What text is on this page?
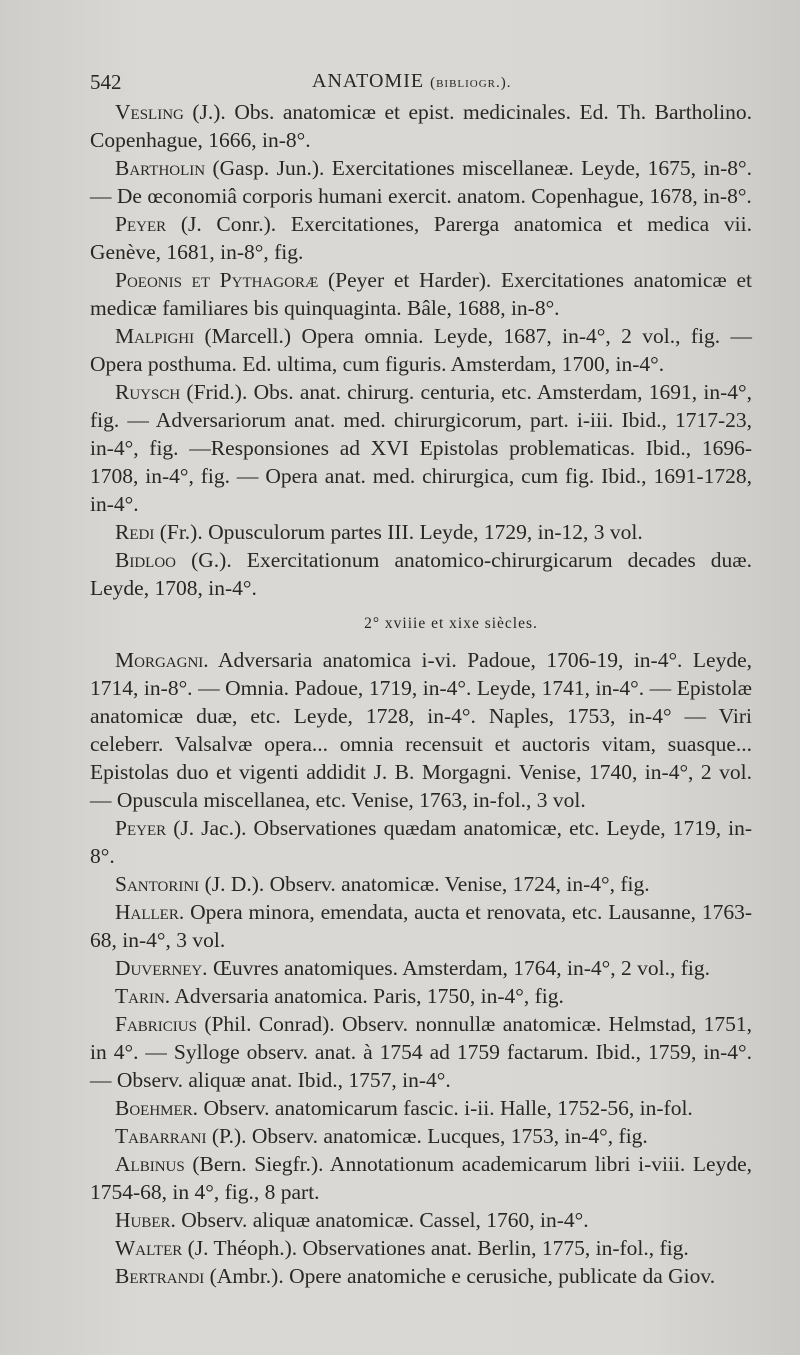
542	ANATOMIE (bibliogr.).

Vesling (J.). Obs. anatomicæ et epist. medicinales. Ed. Th. Bartholino. Copenhague, 1666, in-8°.

Bartholin (Gasp. Jun.). Exercitationes miscellaneæ. Leyde, 1675, in-8°. — De œconomiâ corporis humani exercit. anatom. Copenhague, 1678, in-8°.

Peyer (J. Conr.). Exercitationes, Parerga anatomica et medica vii. Genève, 1681, in-8°, fig.

Poeonis et Pythagoræ (Peyer et Harder). Exercitationes anatomicæ et medicæ familiares bis quinquaginta. Bâle, 1688, in-8°.

Malpighi (Marcell.) Opera omnia. Leyde, 1687, in-4°, 2 vol., fig. — Opera posthuma. Ed. ultima, cum figuris. Amsterdam, 1700, in-4°.

Ruysch (Frid.). Obs. anat. chirurg. centuria, etc. Amsterdam, 1691, in-4°, fig. — Adversariorum anat. med. chirurgicorum, part. i-iii. Ibid., 1717-23, in-4°, fig. —Responsiones ad XVI Epistolas problematicas. Ibid., 1696-1708, in-4°, fig. — Opera anat. med. chirurgica, cum fig. Ibid., 1691-1728, in-4°.

Redi (Fr.). Opusculorum partes III. Leyde, 1729, in-12, 3 vol.

Bidloo (G.). Exercitationum anatomico-chirurgicarum decades duæ. Leyde, 1708, in-4°.

2° xviiie et xixe siècles.

Morgagni. Adversaria anatomica i-vi. Padoue, 1706-19, in-4°. Leyde, 1714, in-8°. — Omnia. Padoue, 1719, in-4°. Leyde, 1741, in-4°. — Epistolæ anatomicæ duæ, etc. Leyde, 1728, in-4°. Naples, 1753, in-4° — Viri celeberr. Valsalvæ opera... omnia recensuit et auctoris vitam, suasque... Epistolas duo et vigenti addidit J. B. Morgagni. Venise, 1740, in-4°, 2 vol. — Opuscula miscellanea, etc. Venise, 1763, in-fol., 3 vol.

Peyer (J. Jac.). Observationes quædam anatomicæ, etc. Leyde, 1719, in-8°.

Santorini (J. D.). Observ. anatomicæ. Venise, 1724, in-4°, fig.

Haller. Opera minora, emendata, aucta et renovata, etc. Lausanne, 1763-68, in-4°, 3 vol.

Duverney. Œuvres anatomiques. Amsterdam, 1764, in-4°, 2 vol., fig.

Tarin. Adversaria anatomica. Paris, 1750, in-4°, fig.

Fabricius (Phil. Conrad). Observ. nonnullæ anatomicæ. Helmstad, 1751, in 4°. — Sylloge observ. anat. à 1754 ad 1759 factarum. Ibid., 1759, in-4°. — Observ. aliquæ anat. Ibid., 1757, in-4°.

Boehmer. Observ. anatomicarum fascic. i-ii. Halle, 1752-56, in-fol.

Tabarrani (P.). Observ. anatomicæ. Lucques, 1753, in-4°, fig.

Albinus (Bern. Siegfr.). Annotationum academicarum libri i-viii. Leyde, 1754-68, in 4°, fig., 8 part.

Huber. Observ. aliquæ anatomicæ. Cassel, 1760, in-4°.

Walter (J. Théoph.). Observationes anat. Berlin, 1775, in-fol., fig.

Bertrandi (Ambr.). Opere anatomiche e cerusiche, publicate da Giov.
